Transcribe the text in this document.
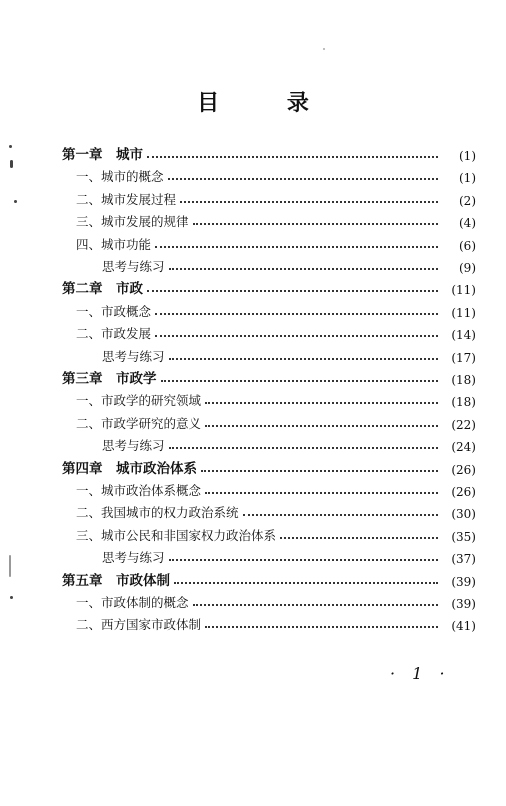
目 录
第一章　城市	(1)
一、城市的概念	(1)
二、城市发展过程	(2)
三、城市发展的规律	(4)
四、城市功能	(6)
思考与练习	(9)
第二章　市政	(11)
一、市政概念	(11)
二、市政发展	(14)
思考与练习	(17)
第三章　市政学	(18)
一、市政学的研究领域	(18)
二、市政学研究的意义	(22)
思考与练习	(24)
第四章　城市政治体系	(26)
一、城市政治体系概念	(26)
二、我国城市的权力政治系统	(30)
三、城市公民和非国家权力政治体系	(35)
思考与练习	(37)
第五章　市政体制	(39)
一、市政体制的概念	(39)
二、西方国家市政体制	(41)
· 1 ·
